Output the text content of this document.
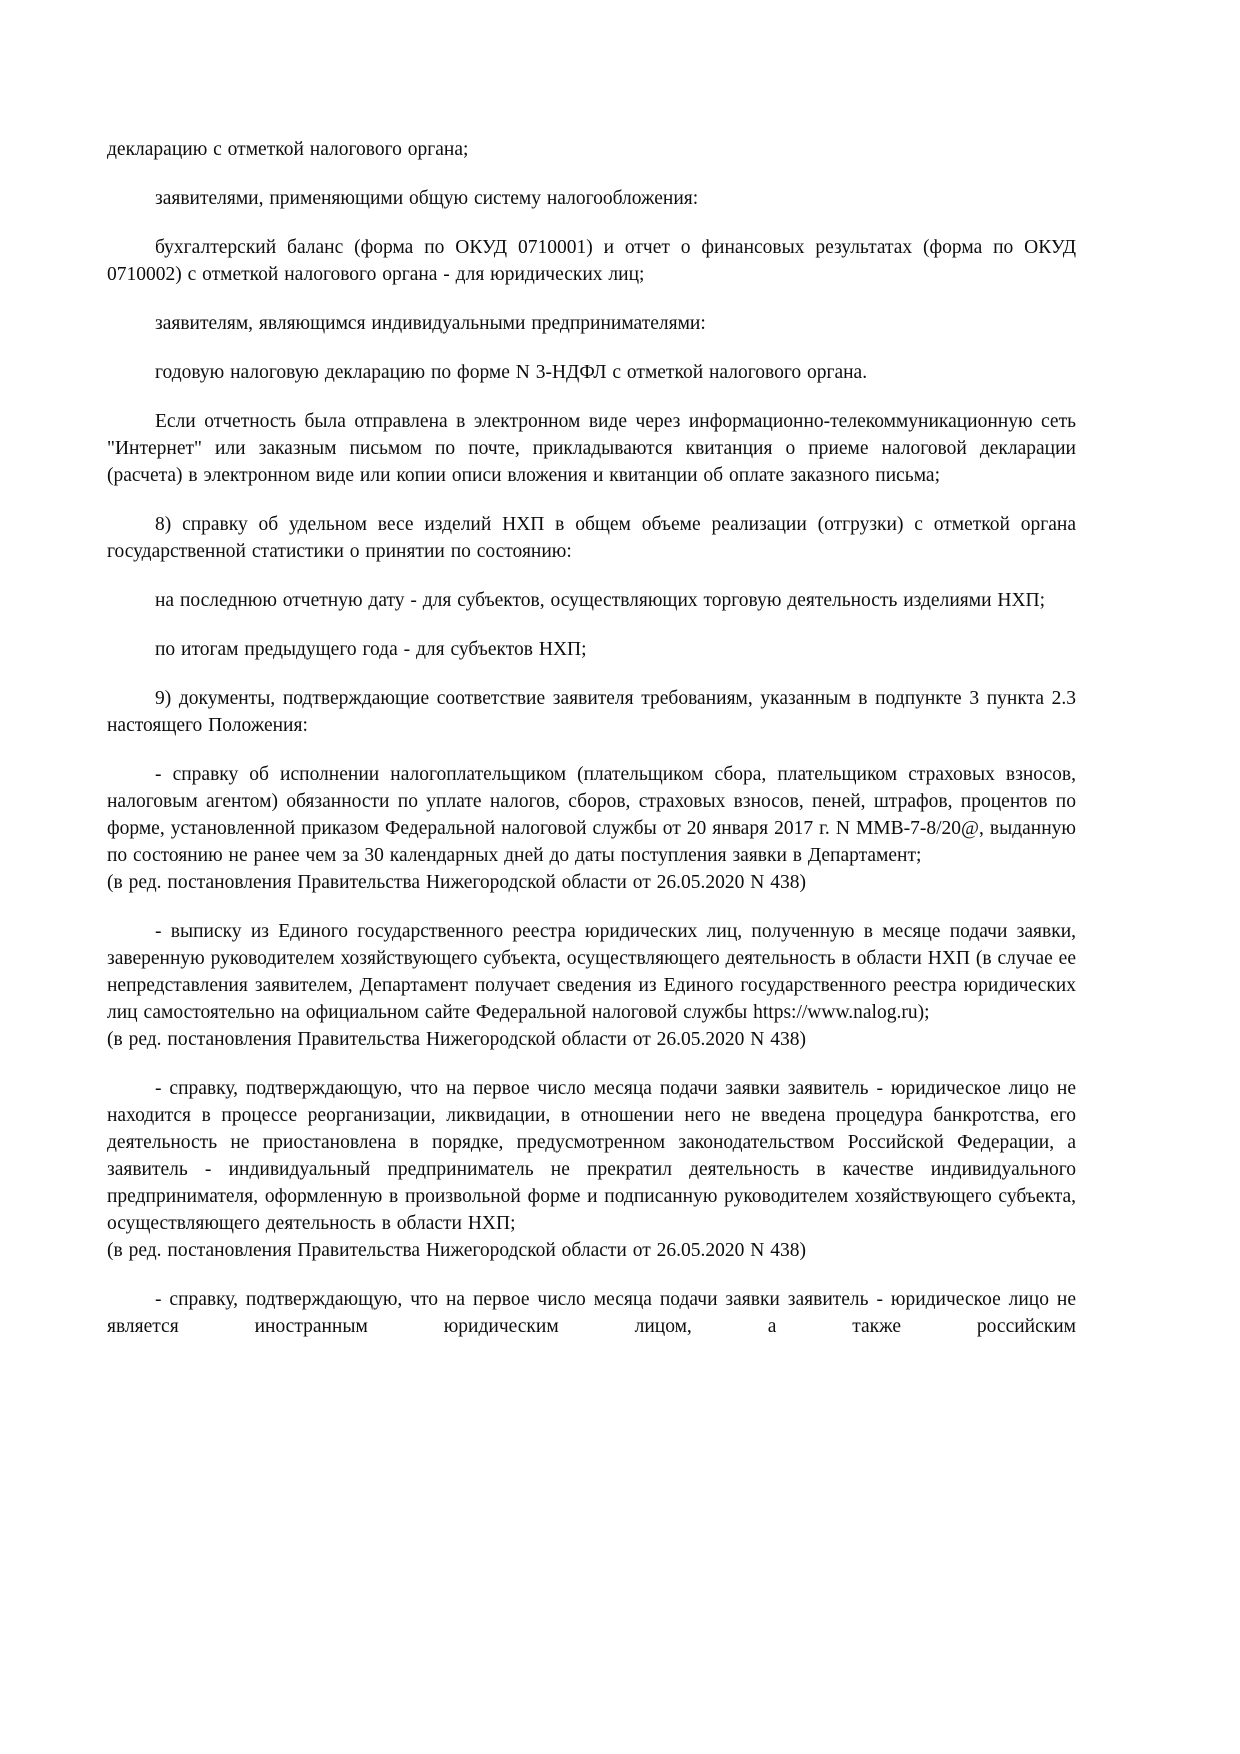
декларацию с отметкой налогового органа;

заявителями, применяющими общую систему налогообложения:

бухгалтерский баланс (форма по ОКУД 0710001) и отчет о финансовых результатах (форма по ОКУД 0710002) с отметкой налогового органа - для юридических лиц;

заявителям, являющимся индивидуальными предпринимателями:

годовую налоговую декларацию по форме N 3-НДФЛ с отметкой налогового органа.

Если отчетность была отправлена в электронном виде через информационно-телекоммуникационную сеть "Интернет" или заказным письмом по почте, прикладываются квитанция о приеме налоговой декларации (расчета) в электронном виде или копии описи вложения и квитанции об оплате заказного письма;

8) справку об удельном весе изделий НХП в общем объеме реализации (отгрузки) с отметкой органа государственной статистики о принятии по состоянию:

на последнюю отчетную дату - для субъектов, осуществляющих торговую деятельность изделиями НХП;

по итогам предыдущего года - для субъектов НХП;

9) документы, подтверждающие соответствие заявителя требованиям, указанным в подпункте 3 пункта 2.3 настоящего Положения:

- справку об исполнении налогоплательщиком (плательщиком сбора, плательщиком страховых взносов, налоговым агентом) обязанности по уплате налогов, сборов, страховых взносов, пеней, штрафов, процентов по форме, установленной приказом Федеральной налоговой службы от 20 января 2017 г. N ММВ-7-8/20@, выданную по состоянию не ранее чем за 30 календарных дней до даты поступления заявки в Департамент;

(в ред. постановления Правительства Нижегородской области от 26.05.2020 N 438)

- выписку из Единого государственного реестра юридических лиц, полученную в месяце подачи заявки, заверенную руководителем хозяйствующего субъекта, осуществляющего деятельность в области НХП (в случае ее непредставления заявителем, Департамент получает сведения из Единого государственного реестра юридических лиц самостоятельно на официальном сайте Федеральной налоговой службы https://www.nalog.ru);

(в ред. постановления Правительства Нижегородской области от 26.05.2020 N 438)

- справку, подтверждающую, что на первое число месяца подачи заявки заявитель - юридическое лицо не находится в процессе реорганизации, ликвидации, в отношении него не введена процедура банкротства, его деятельность не приостановлена в порядке, предусмотренном законодательством Российской Федерации, а заявитель - индивидуальный предприниматель не прекратил деятельность в качестве индивидуального предпринимателя, оформленную в произвольной форме и подписанную руководителем хозяйствующего субъекта, осуществляющего деятельность в области НХП;

(в ред. постановления Правительства Нижегородской области от 26.05.2020 N 438)

- справку, подтверждающую, что на первое число месяца подачи заявки заявитель - юридическое лицо не является иностранным юридическим лицом, а также российским
